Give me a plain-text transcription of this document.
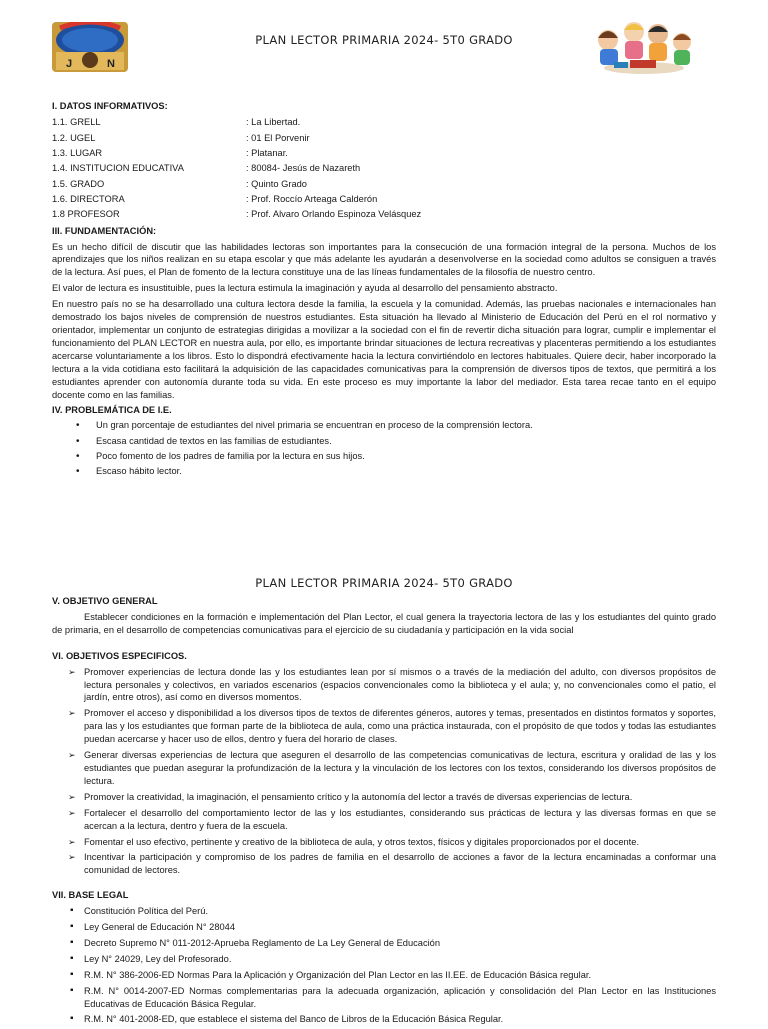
J	N
PLAN LECTOR PRIMARIA 2024- 5T0 GRADO
I. DATOS INFORMATIVOS:
1.1. GRELL	: La Libertad.
1.2. UGEL	: 01 El Porvenir
1.3. LUGAR	: Platanar.
1.4. INSTITUCION EDUCATIVA	: 80084- Jesús de Nazareth
1.5. GRADO	: Quinto Grado
1.6. DIRECTORA	: Prof. Roccío Arteaga Calderón
1.8 PROFESOR	: Prof. Alvaro Orlando Espinoza Velásquez
III. FUNDAMENTACIÓN:

Es un hecho difícil de discutir que las habilidades lectoras son importantes para la consecución de una formación integral de la persona. Muchos de los aprendizajes que los niños realizan en su etapa escolar y que más adelante les ayudarán a desenvolverse en la sociedad como adultos se consiguen a través de la lectura. Así pues, el Plan de fomento de la lectura constituye una de las líneas fundamentales de la filosofía de nuestro centro.

El valor de lectura es insustituible, pues la lectura estimula la imaginación y ayuda al desarrollo del pensamiento abstracto.

En nuestro país no se ha desarrollado una cultura lectora desde la familia, la escuela y la comunidad. Además, las pruebas nacionales e internacionales han demostrado los bajos niveles de comprensión de nuestros estudiantes. Esta situación ha llevado al Ministerio de Educación del Perú en el rol normativo y orientador, implementar un conjunto de estrategias dirigidas a movilizar a la sociedad con el fin de revertir dicha situación para lograr, cumplir e implementar el funcionamiento del PLAN LECTOR en nuestra aula, por ello, es importante brindar situaciones de lectura recreativas y placenteras permitiendo a los estudiantes acercarse voluntariamente a los libros. Esto lo dispondrá efectivamente hacia la lectura convirtiéndolo en lectores habituales. Quiere decir, haber incorporado la lectura a la vida cotidiana esto facilitará la adquisición de las capacidades comunicativas para la comprensión de diversos tipos de textos, que permitirá a los estudiantes aprender con autonomía durante toda su vida. En este proceso es muy importante la labor del mediador. Esta tarea recae tanto en el equipo docente como en las familias.

IV. PROBLEMÁTICA DE I.E.
• Un gran porcentaje de estudiantes del nivel primaria se encuentran en proceso de la comprensión lectora.
• Escasa cantidad de textos en las familias de estudiantes.
• Poco fomento de los padres de familia por la lectura en sus hijos.
• Escaso hábito lector.
PLAN LECTOR PRIMARIA 2024- 5T0 GRADO
V. OBJETIVO GENERAL

Establecer condiciones en la formación e implementación del Plan Lector, el cual genera la trayectoria lectora de las y los estudiantes del quinto grado de primaria, en el desarrollo de competencias comunicativas para el ejercicio de su ciudadanía y participación en la vida social

VI. OBJETIVOS ESPECIFICOS.
➢ Promover experiencias de lectura donde las y los estudiantes lean por sí mismos o a través de la mediación del adulto, con diversos propósitos de lectura personales y colectivos, en variados escenarios (espacios convencionales como la biblioteca y el aula; y, no convencionales como el patio, el jardín, entre otros), así como en diversos momentos.
➢ Promover el acceso y disponibilidad a los diversos tipos de textos de diferentes géneros, autores y temas, presentados en distintos formatos y soportes, para las y los estudiantes que forman parte de la biblioteca de aula, como una práctica instaurada, con el propósito de que todos y todas las estudiantes puedan acercarse y hacer uso de ellos, dentro y fuera del horario de clases.
➢ Generar diversas experiencias de lectura que aseguren el desarrollo de las competencias comunicativas de lectura, escritura y oralidad de las y los estudiantes que puedan asegurar la profundización de la lectura y la vinculación de los lectores con los textos, considerando los diversos propósitos de lectura.
➢ Promover la creatividad, la imaginación, el pensamiento crítico y la autonomía del lector a través de diversas experiencias de lectura.
➢ Fortalecer el desarrollo del comportamiento lector de las y los estudiantes, considerando sus prácticas de lectura y las diversas formas en que se acercan a la lectura, dentro y fuera de la escuela.
➢ Fomentar el uso efectivo, pertinente y creativo de la biblioteca de aula, y otros textos, físicos y digitales proporcionados por el docente.
➢ Incentivar la participación y compromiso de los padres de familia en el desarrollo de acciones a favor de la lectura encaminadas a conformar una comunidad de lectores.
VII. BASE LEGAL
▪ Constitución Política del Perú.
▪ Ley General de Educación N° 28044
▪ Decreto Supremo N° 011-2012-Aprueba Reglamento de La Ley General de Educación
▪ Ley N° 24029, Ley del Profesorado.
▪ R.M. N° 386-2006-ED Normas Para la Aplicación y Organización del Plan Lector en las II.EE. de Educación Básica regular.
▪ R.M. N° 0014-2007-ED Normas complementarias para la adecuada organización, aplicación y consolidación del Plan Lector en las Instituciones Educativas de Educación Básica Regular.
▪ R.M. N° 401-2008-ED, que establece el sistema del Banco de Libros de la Educación Básica Regular.
